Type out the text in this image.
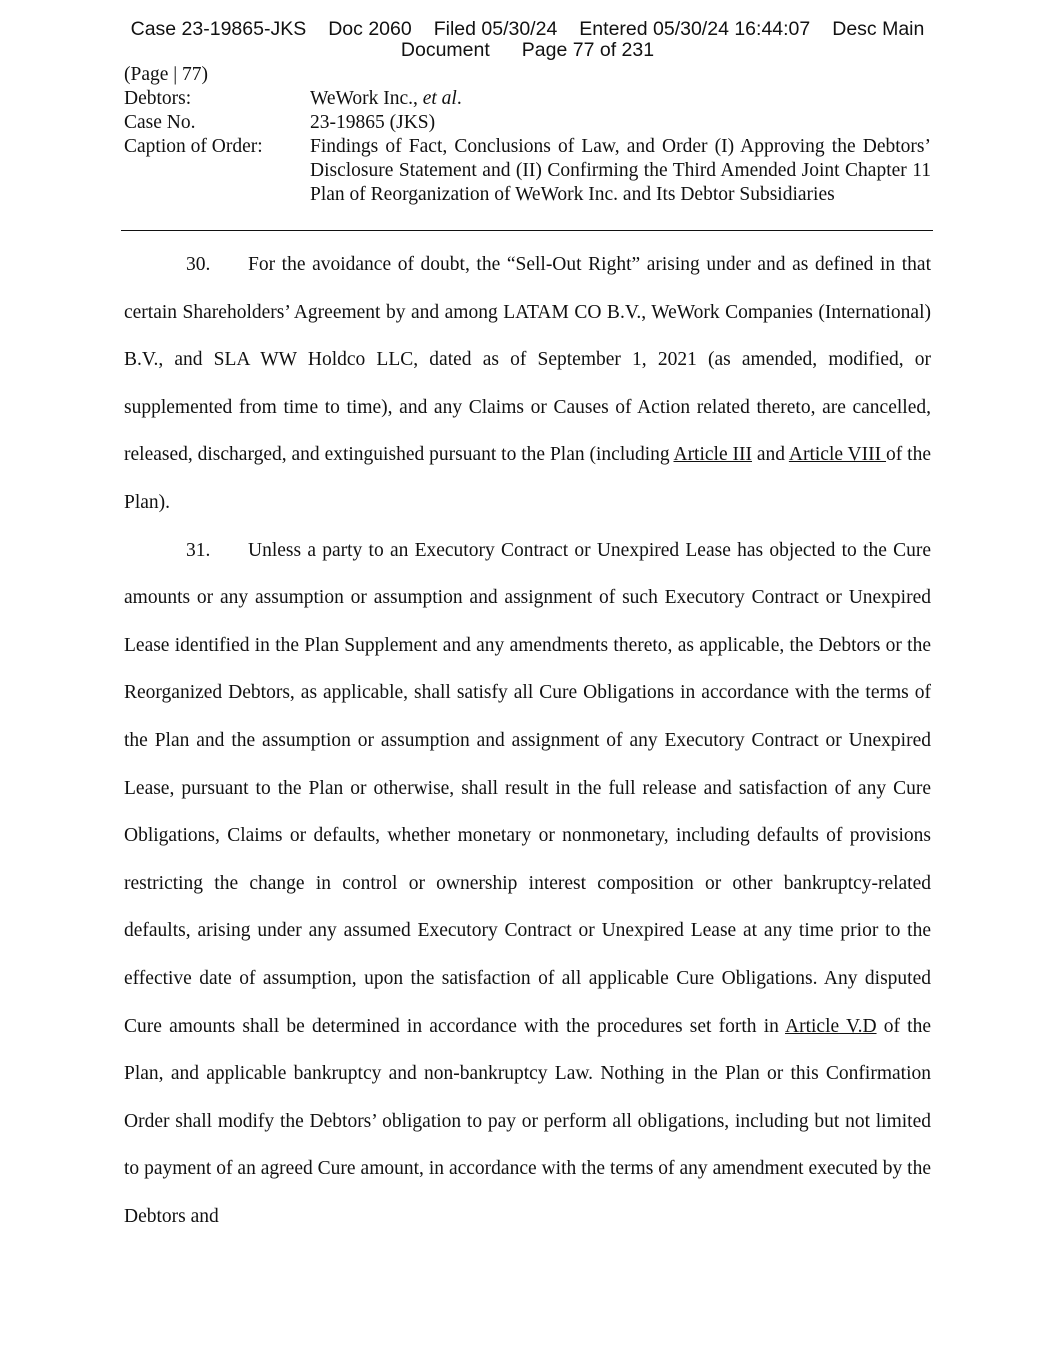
Case 23-19865-JKS Doc 2060 Filed 05/30/24 Entered 05/30/24 16:44:07 Desc Main
Document Page 77 of 231
(Page | 77)
Debtors:	WeWork Inc., et al.
Case No.	23-19865 (JKS)
Caption of Order:	Findings of Fact, Conclusions of Law, and Order (I) Approving the Debtors’ Disclosure Statement and (II) Confirming the Third Amended Joint Chapter 11 Plan of Reorganization of WeWork Inc. and Its Debtor Subsidiaries

30. For the avoidance of doubt, the “Sell-Out Right” arising under and as defined in that certain Shareholders’ Agreement by and among LATAM CO B.V., WeWork Companies (International) B.V., and SLA WW Holdco LLC, dated as of September 1, 2021 (as amended, modified, or supplemented from time to time), and any Claims or Causes of Action related thereto, are cancelled, released, discharged, and extinguished pursuant to the Plan (including Article III and Article VIII of the Plan).

31. Unless a party to an Executory Contract or Unexpired Lease has objected to the Cure amounts or any assumption or assumption and assignment of such Executory Contract or Unexpired Lease identified in the Plan Supplement and any amendments thereto, as applicable, the Debtors or the Reorganized Debtors, as applicable, shall satisfy all Cure Obligations in accordance with the terms of the Plan and the assumption or assumption and assignment of any Executory Contract or Unexpired Lease, pursuant to the Plan or otherwise, shall result in the full release and satisfaction of any Cure Obligations, Claims or defaults, whether monetary or nonmonetary, including defaults of provisions restricting the change in control or ownership interest composition or other bankruptcy-related defaults, arising under any assumed Executory Contract or Unexpired Lease at any time prior to the effective date of assumption, upon the satisfaction of all applicable Cure Obligations. Any disputed Cure amounts shall be determined in accordance with the procedures set forth in Article V.D of the Plan, and applicable bankruptcy and non-bankruptcy Law. Nothing in the Plan or this Confirmation Order shall modify the Debtors’ obligation to pay or perform all obligations, including but not limited to payment of an agreed Cure amount, in accordance with the terms of any amendment executed by the Debtors and
